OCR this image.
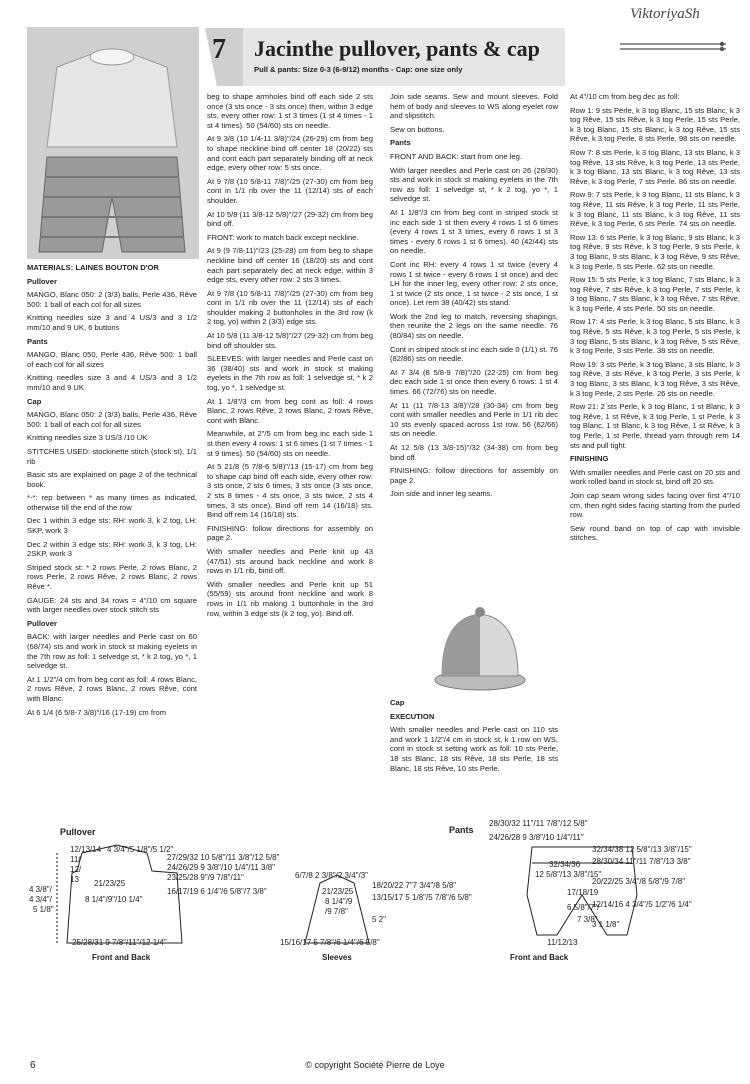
ViktoriyaSh
7 Jacinthe pullover, pants & cap
Pull & pants: Size 0-3 (6-9/12) months - Cap: one size only

MATERIALS: LAINES BOUTON D'OR

Pullover

MANGO, Blanc 050: 2 (3/3) balls, Perle 436, Rêve 500: 1 ball of each col for all sizes

Knitting needles size 3 and 4 US/3 and 3 1/2 mm/10 and 9 UK, 6 buttons

Pants

MANGO, Blanc 050, Perle 436, Rêve 500: 1 ball of each col for all sizes

Knitting needles size 3 and 4 US/3 and 3 1/2 mm/10 and 9 UK

Cap

MANGO, Blanc 050: 2 (3/3) balls, Perle 436, Rêve 500: 1 ball of each col for all sizes

Knitting needles size 3 US/3 /10 UK

STITCHES USED: stockinette stitch (stock st), 1/1 rib

Basic sts are explained on page 2 of the technical book.

*-*: rep between * as many times as indicated, otherwise till the end of the row

Dec 1 within 3 edge sts: RH: work 3, k 2 tog, LH: SKP, work 3

Dec 2 within 3 edge sts: RH: work 3, k 3 tog, LH: 2SKP, work 3

Striped stock st: * 2 rows Perle, 2 rows Blanc, 2 rows Perle, 2 rows Rêve, 2 rows Blanc, 2 rows Rêve *.

GAUGE: 24 sts and 34 rows = 4"/10 cm square with larger needles over stock stitch sts

Pullover

BACK: with larger needles and Perle cast on 60 (68/74) sts and work in stock st making eyelets in the 7th row as foll: 1 selvedge st, * k 2 tog, yo *, 1 selvedge st.

At 1 1/2"/4 cm from beg cont as foll: 4 rows Blanc, 2 rows Rêve, 2 rows Blanc, 2 rows Rêve, cont with Blanc.

At 6 1/4 (6 5/8-7 3/8)"/16 (17-19) cm from

beg to shape armholes bind off each side 2 sts once (3 sts once - 3 sts once) then, within 3 edge sts, every other row: 1 st 3 times (1 st 4 times - 1 st 4 times). 50 (54/60) sts on needle.

At 9 3/8 (10 1/4-11 3/8)"/24 (26-29) cm from beg to shape neckline bind off center 18 (20/22) sts and cont each part separately binding off at neck edge, every other row: 5 sts once.

At 9 7/8 (10 5/8-11 7/8)"/25 (27-30) cm from beg cont in 1/1 rib over the 11 (12/14) sts of each shoulder.

At 10 5/8 (11 3/8-12 5/8)"/27 (29-32) cm from beg bind off.

FRONT: work to match back except neckline.

At 9 (9 7/8-11)"/23 (25-28) cm from beg to shape neckline bind off center 16 (18/20) sts and cont each part separately dec at neck edge, within 3 edge sts, every other row: 2 sts 3 times.

At 9 7/8 (10 5/8-11 7/8)"/25 (27-30) cm from beg cont in 1/1 rib over the 11 (12/14) sts of each shoulder making 2 buttonholes in the 3rd row (k 2 tog, yo) within 2 (3/3) edge sts.

At 10 5/8 (11 3/8-12 5/8)"/27 (29-32) cm from beg bind off shoulder sts.

SLEEVES: with larger needles and Perle cast on 36 (38/40) sts and work in stock st making eyelets in the 7th row as foll: 1 selvedge st, * k 2 tog, yo *, 1 selvedge st.

At 1 1/8"/3 cm from beg cont as foll: 4 rows Blanc, 2 rows Rêve, 2 rows Blanc, 2 rows Rêve, cont with Blanc.

Meanwhile, at 2"/5 cm from beg inc each side 1 st then every 4 rows: 1 st 6 times (1 st 7 times - 1 st 9 times). 50 (54/60) sts on needle.

At 5 21/8 (5 7/8-6 5/8)"/13 (15-17) cm from beg to shape cap bind off each side, every other row: 3 sts once, 2 sts 6 times, 3 sts once (3 sts once, 2 sts 8 times - 4 sts once, 3 sts twice, 2 sts 4 times, 3 sts once). Bind off rem 14 (16/18) sts. Bind off rem 14 (16/18) sts.

FINISHING: follow directions for assembly on page 2.

With smaller needles and Perle knit up 43 (47/51) sts around back neckline and work 8 rows in 1/1 rib, bind off.

With smaller needles and Perle knit up 51 (55/59) sts around front neckline and work 8 rows in 1/1 rib making 1 buttonhole in the 3rd row, within 3 edge sts (k 2 tog, yo). Bind off.

Join side seams. Sew and mount sleeves. Fold hem of body and sleeves to WS along eyelet row and slipstitch.

Sew on buttons.

Pants

FRONT AND BACK: start from one leg.

With larger needles and Perle cast on 26 (28/30) sts and work in stock st making eyelets in the 7th row as foll: 1 selvedge st, * k 2 tog, yo *, 1 selvedge st.

At 1 1/8"/3 cm from beg cont in striped stock st inc each side 1 st then every 4 rows 1 st 6 times (every 4 rows 1 st 3 times, every 6 rows 1 st 3 times - every 6 rows 1 st 6 times). 40 (42/44) sts on needle.

Cont inc RH: every 4 rows 1 st twice (every 4 rows 1 st twice - every 6 rows 1 st once) and dec LH for the inner leg, every other row: 2 sts once, 1 st twice (2 sts once, 1 st twice - 2 sts once, 1 st once). Let rem 38 (40/42) sts stand.

Work the 2nd leg to match, reversing shapings, then reunite the 2 legs on the same needle. 76 (80/84) sts on needle.

Cont in striped stock st inc each side 0 (1/1) st. 76 (82/86) sts on needle.

At 7 3/4 (8 5/8-9 7/8)"/20 (22-25) cm from beg dec each side 1 st once then every 6 rows: 1 st 4 times. 66 (72/76) sts on needle.

At 11 (11 7/8-13 3/8)"/28 (30-34) cm from beg cont with smaller needles and Perle in 1/1 rib dec 10 sts evenly spaced across 1st row. 56 (62/66) sts on needle.

At 12 5/8 (13 3/8-15)"/32 (34-38) cm from beg bind off.

FINISHING: follow directions for assembly on page 2.

Join side and inner leg seams.

Cap

EXECUTION

With smaller needles and Perle cast on 110 sts and work 1 1/2"/4 cm in stock st, k 1 row on WS, cont in stock st setting work as foll: 10 sts Perle, 18 sts Blanc, 18 sts Rêve, 18 sts Perle, 18 sts Blanc, 18 sts Rêve, 10 sts Perle.

At 4"/10 cm from beg dec as foll:

Row 1: 9 sts Perle, k 3 tog Blanc, 15 sts Blanc, k 3 tog Rêve, 15 sts Rêve, k 3 tog Perle, 15 sts Perle, k 3 tog Blanc, 15 sts Blanc, k 3 tog Rêve, 15 sts Rêve, k 3 tog Perle, 8 sts Perle. 98 sts on needle.

Row 7: 8 sts Perle, k 3 tog Blanc, 13 sts Blanc, k 3 tog Rêve, 13 sts Rêve, k 3 tog Perle, 13 sts Perle, k 3 tog Blanc, 13 sts Blanc, k 3 tog Rêve, 13 sts Rêve, k 3 tog Perle, 7 sts Perle. 86 sts on needle.

Row 9: 7 sts Perle, k 3 tog Blanc, 11 sts Blanc, k 3 tog Rêve, 11 sts Rêve, k 3 tog Perle, 11 sts Perle, k 3 tog Blanc, 11 sts Blanc, k 3 tog Rêve, 11 sts Rêve, k 3 tog Perle, 6 sts Perle. 74 sts on needle.

Row 13: 6 sts Perle, k 3 tog Blanc, 9 sts Blanc, k 3 tog Rêve, 9 sts Rêve, k 3 tog Perle, 9 sts Perle, k 3 tog Blanc, 9 sts Blanc, k 3 tog Rêve, 9 sts Rêve, k 3 tog Perle, 5 sts Perle. 62 sts on needle.

Row 15: 5 sts Perle, k 3 tog Blanc, 7 sts Blanc, k 3 tog Rêve, 7 sts Rêve, k 3 tog Perle, 7 sts Perle, k 3 tog Blanc, 7 sts Blanc, k 3 tog Rêve, 7 sts Rêve, k 3 tog Perle, 4 sts Perle. 50 sts on needle.

Row 17: 4 sts Perle, k 3 tog Blanc, 5 sts Blanc, k 3 tog Rêve, 5 sts Rêve, k 3 tog Perle, 5 sts Perle, k 3 tog Blanc, 5 sts Blanc, k 3 tog Rêve, 5 sts Rêve, k 3 tog Perle, 3 sts Perle. 38 sts on needle.

Row 19: 3 sts Perle, k 3 tog Blanc, 3 sts Blanc, k 3 tog Rêve, 3 sts Rêve, k 3 tog Perle, 3 sts Perle, k 3 tog Blanc, 3 sts Blanc, k 3 tog Rêve, 3 sts Rêve, k 3 tog Perle, 2 sts Perle. 26 sts on needle.

Row 21: 2 sts Perle, k 3 tog Blanc, 1 st Blanc, k 3 tog Rêve, 1 st Rêve, k 3 tog Perle, 1 st Perle, k 3 tog Blanc, 1 st Blanc, k 3 tog Rêve, 1 st Rêve, k 3 tog Perle, 1 st Perle, thread yarn through rem 14 sts and pull tight.

FINISHING

With smaller needles and Perle cast on 20 sts and work rolled band in stock st, bind off 20 sts.

Join cap seam wrong sides facing over first 4"/10 cm, then right sides facing starting from the purled row.

Sew round band on top of cap with invisible stitches.

Pullover
12/13/14 4 3/4"/5 1/8"/5 1/2"
11/
12/
13 21/23/25
8 1/4"/9"/10 1/4"
4 3/8"/
4 3/4"/
5 1/8"
27/29/32 10 5/8"/11 3/8"/12 5/8"
24/26/29 9 3/8"/10 1/4"/11 3/8"
23/25/28 9"/9 7/8"/11"
16/17/19 6 1/4"/6 5/8"/7 3/8"
25/28/31 9 7/8"/11"/12 1/4"
Front and Back
6/7/8 2 3/8"/2 3/4"/3"
21/23/25
8 1/4"/9
/9 7/8"
18/20/22 7"7 3/4"/8 5/8"
13/15/17 5 1/8"/5 7/8"/6 5/8"
5 2"
15/16/17 5 7/8"/6 1/4"/6 5/8"
Sleeves
Pants
28/30/32 11"/11 7/8"/12 5/8"
24/26/28 9 3/8"/10 1/4"/11"
32/34/36
12 5/8"/13 3/8"/15"
17/18/19
6 5/8"/7"/
7 3/8"
32/34/38 12 5/8"/13 3/8"/15"
28/30/34 11"/11 7/8"/13 3/8"
20/22/25 3/4"/8 5/8"/9 7/8"
12/14/16 4 3/4"/5 1/2"/6 1/4"
3 1 1/8"
11/12/13
Front and Back
6	© copyright Société Pierre de Loye
